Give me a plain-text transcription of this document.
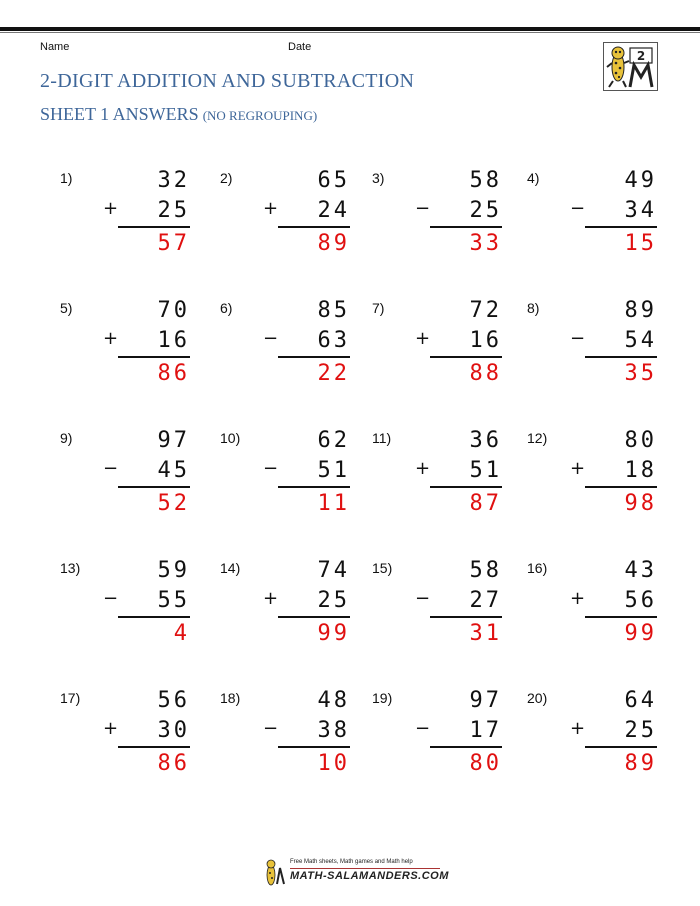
Name	Date
2-DIGIT ADDITION AND SUBTRACTION
SHEET 1 ANSWERS (NO REGROUPING)
2
1)	32
+	25
57
2)	65
+	24
89
3)	58
−	25
33
4)	49
−	34
15
5)	70
+	16
86
6)	85
−	63
22
7)	72
+	16
88
8)	89
−	54
35
9)	97
−	45
52
10)	62
−	51
11
11)	36
+	51
87
12)	80
+	18
98
13)	59
−	55
4
14)	74
+	25
99
15)	58
−	27
31
16)	43
+	56
99
17)	56
+	30
86
18)	48
−	38
10
19)	97
−	17
80
20)	64
+	25
89
Free Math sheets, Math games and Math help
MATH-SALAMANDERS.COM
